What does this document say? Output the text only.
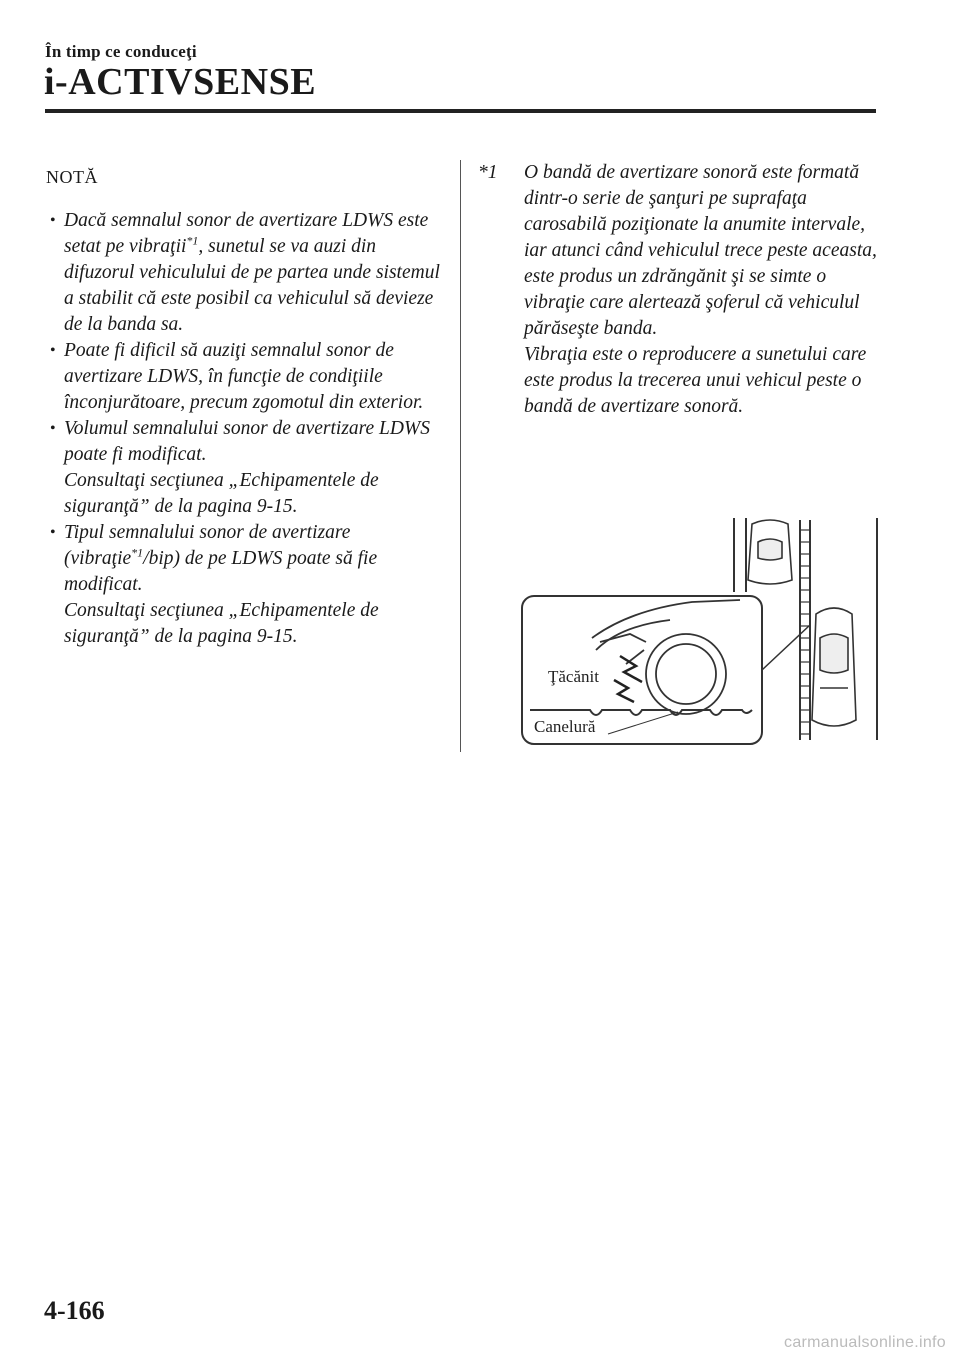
În timp ce conduceţi
i-ACTIVSENSE
NOTĂ
• Dacă semnalul sonor de avertizare LDWS este setat pe vibraţii$^{*1}$, sunetul se va auzi din difuzorul vehiculului de pe partea unde sistemul a stabilit că este posibil ca vehiculul să devieze de la banda sa.
• Poate fi dificil să auziţi semnalul sonor de avertizare LDWS, în funcţie de condiţiile înconjurătoare, precum zgomotul din exterior.
• Volumul semnalului sonor de avertizare LDWS poate fi modificat.
Consultaţi secţiunea „Echipamentele de siguranţă” de la pagina 9-15.
• Tipul semnalului sonor de avertizare (vibraţie$^{*1}$/bip) de pe LDWS poate să fie modificat.
Consultaţi secţiunea „Echipamentele de siguranţă” de la pagina 9-15.
*1	O bandă de avertizare sonoră este formată dintr-o serie de şanţuri pe suprafaţa carosabilă poziţionate la anumite intervale, iar atunci când vehiculul trece peste aceasta, este produs un zdrăngănit şi se simte o vibraţie care alertează şoferul că vehiculul părăseşte banda.

Vibraţia este o reproducere a sunetului care este produs la trecerea unui vehicul peste o bandă de avertizare sonoră.

Ţăcănit
Canelură
4-166
carmanualsonline.info
